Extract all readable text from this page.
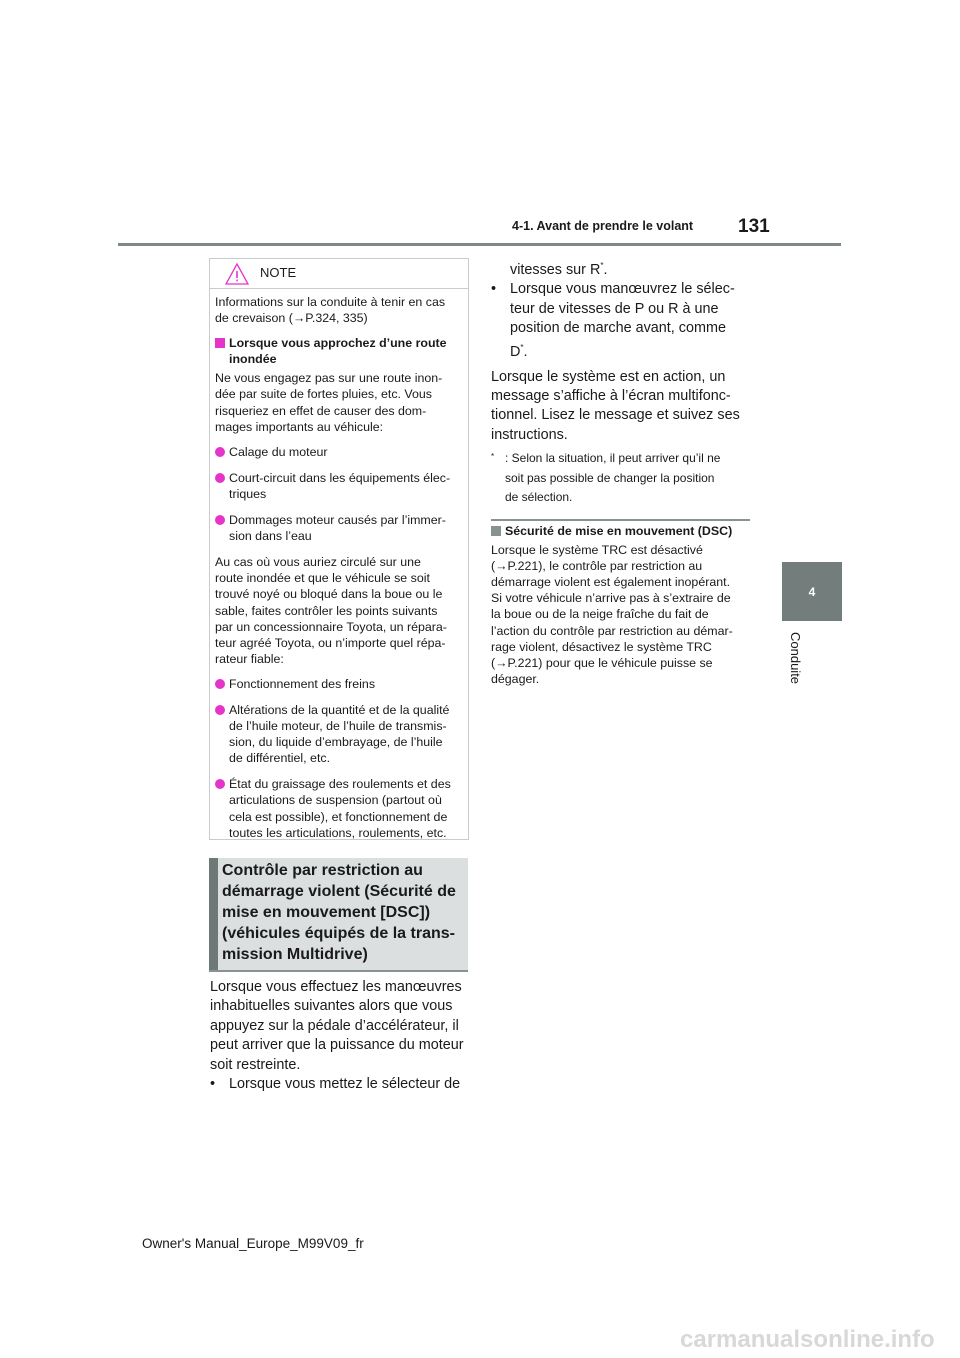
4-1. Avant de prendre le volant 131
4
Conduite
NOTE

Informations sur la conduite à tenir en cas
de crevaison (→P.324, 335)

Lorsque vous approchez d’une route
inondée

Ne vous engagez pas sur une route inon-
dée par suite de fortes pluies, etc. Vous
risqueriez en effet de causer des dom-
mages importants au véhicule:

Calage du moteur
Court-circuit dans les équipements élec-
triques
Dommages moteur causés par l’immer-
sion dans l’eau

Au cas où vous auriez circulé sur une
route inondée et que le véhicule se soit
trouvé noyé ou bloqué dans la boue ou le
sable, faites contrôler les points suivants
par un concessionnaire Toyota, un répara-
teur agréé Toyota, ou n’importe quel répa-
rateur fiable:

Fonctionnement des freins
Altérations de la quantité et de la qualité
de l’huile moteur, de l’huile de transmis-
sion, du liquide d’embrayage, de l’huile
de différentiel, etc.
État du graissage des roulements et des
articulations de suspension (partout où
cela est possible), et fonctionnement de
toutes les articulations, roulements, etc.
Contrôle par restriction au
démarrage violent (Sécurité de
mise en mouvement [DSC])
(véhicules équipés de la trans-
mission Multidrive)
Lorsque vous effectuez les manœuvres
inhabituelles suivantes alors que vous
appuyez sur la pédale d’accélérateur, il
peut arriver que la puissance du moteur
soit restreinte.
• Lorsque vous mettez le sélecteur de
vitesses sur R*.
• Lorsque vous manœuvrez le sélec-
teur de vitesses de P ou R à une
position de marche avant, comme
D*.
Lorsque le système est en action, un
message s’affiche à l’écran multifonc-
tionnel. Lisez le message et suivez ses
instructions.
* : Selon la situation, il peut arriver qu’il ne
soit pas possible de changer la position
de sélection.
Sécurité de mise en mouvement (DSC)
Lorsque le système TRC est désactivé
(→P.221), le contrôle par restriction au
démarrage violent est également inopérant.
Si votre véhicule n’arrive pas à s’extraire de
la boue ou de la neige fraîche du fait de
l’action du contrôle par restriction au démar-
rage violent, désactivez le système TRC
(→P.221) pour que le véhicule puisse se
dégager.
Owner's Manual_Europe_M99V09_fr
carmanualsonline.info
